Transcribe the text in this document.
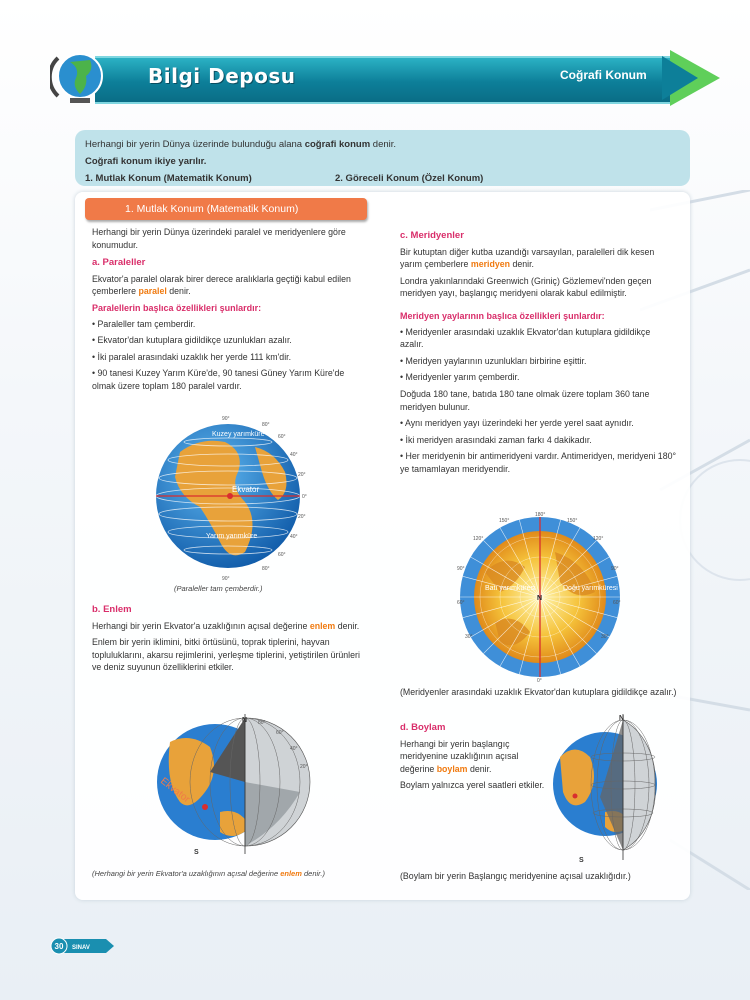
Bilgi Deposu	Coğrafi Konum
Herhangi bir yerin Dünya üzerinde bulunduğu alana coğrafi konum denir.
Coğrafi konum ikiye yarılır.
1. Mutlak Konum (Matematik Konum)	2. Göreceli Konum (Özel Konum)
1. Mutlak Konum (Matematik Konum)

Herhangi bir yerin Dünya üzerindeki paralel ve meridyenlere göre konumudur.

a. Paraleller

Ekvator'a paralel olarak birer derece aralıklarla geçtiği kabul edilen çemberlere paralel denir.

Paralellerin başlıca özellikleri şunlardır:

• Paraleller tam çemberdir.

• Ekvator'dan kutuplara gidildikçe uzunlukları azalır.

• İki paralel arasındaki uzaklık her yerde 111 km'dir.

• 90 tanesi Kuzey Yarım Küre'de, 90 tanesi Güney Yarım Küre'de olmak üzere toplam 180 paralel vardır.

80°
60°
40°
20°
0°
20°
40°
60°
80°
90°
90°
Kuzey yarımküre
Ekvator
Yarım yarımküre
(Paraleller tam çemberdir.)
b. Enlem

Herhangi bir yerin Ekvator'a uzaklığının açısal değerine enlem denir.

Enlem bir yerin iklimini, bitki örtüsünü, toprak tiplerini, hayvan topluluklarını, akarsu rejimlerini, yerleşme tiplerini, yetiştirilen ürünleri ve deniz suyunun özelliklerini etkiler.

80°
60°
40°
20°
N
S
Ekvator
(Herhangi bir yerin Ekvator'a uzaklığının açısal değerine enlem denir.)
c. Meridyenler

Bir kutuptan diğer kutba uzandığı varsayılan, paralelleri dik kesen yarım çemberlere meridyen denir.

Londra yakınlarındaki Greenwich (Griniç) Gözlemevi'nden geçen meridyen yayı, başlangıç meridyeni olarak kabul edilmiştir.

Meridyen yaylarının başlıca özellikleri şunlardır:

• Meridyenler arasındaki uzaklık Ekvator'dan kutuplara gidildikçe azalır.

• Meridyen yaylarının uzunlukları birbirine eşittir.

• Meridyenler yarım çemberdir.

Doğuda 180 tane, batıda 180 tane olmak üzere toplam 360 tane meridyen bulunur.

• Aynı meridyen yayı üzerindeki her yerde yerel saat aynıdır.

• İki meridyen arasındaki zaman farkı 4 dakikadır.

• Her meridyenin bir antimeridyeni vardır. Antimeridyen, meridyeni 180° ye tamamlayan meridyendir.

180°
150°
120°
90°
60°
30°
150°
120°
90°
60°
30°
0°
N
Batı yarımküresi	Doğu yarımküresi
(Meridyenler arasındaki uzaklık Ekvator'dan kutuplara gidildikçe azalır.)
d. Boylam

Herhangi bir yerin başlangıç meridyenine uzaklığının açısal değerine boylam denir.

Boylam yalnızca yerel saatleri etkiler.

N
S
(Boylam bir yerin Başlangıç meridyenine açısal uzaklığıdır.)
30 SINAV
